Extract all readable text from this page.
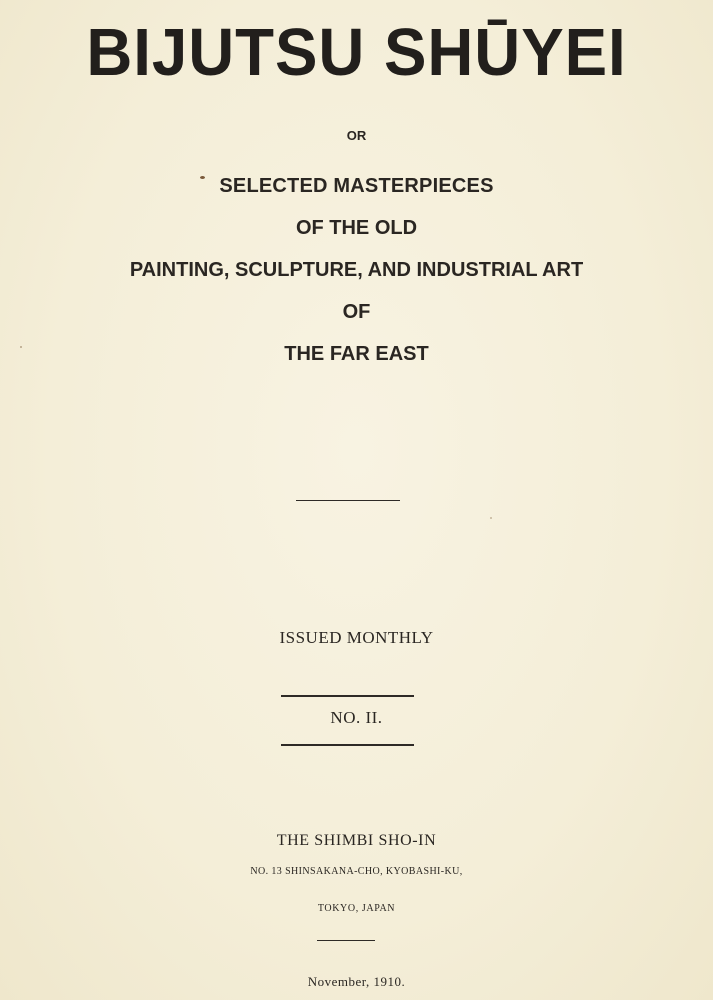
BIJUTSU SHŪYEI
OR
SELECTED MASTERPIECES
OF THE OLD
PAINTING, SCULPTURE, AND INDUSTRIAL ART
OF
THE FAR EAST
ISSUED MONTHLY
NO. II.
THE SHIMBI SHO-IN
NO. 13 SHINSAKANA-CHO, KYOBASHI-KU,
TOKYO, JAPAN
November, 1910.
